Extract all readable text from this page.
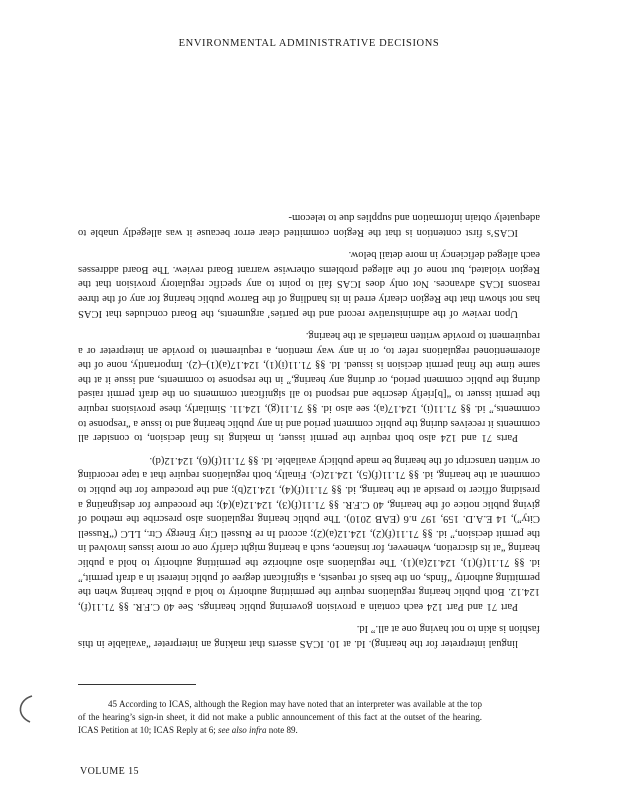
ENVIRONMENTAL ADMINISTRATIVE DECISIONS

lingual interpreter for the hearing). Id. at 10. ICAS asserts that making an interpreter “available in this fashion is akin to not having one at all.” Id.

Part 71 and Part 124 each contain a provision governing public hearings. See 40 C.F.R. §§ 71.11(f), 124.12. Both public hearing regulations require the permitting authority to hold a public hearing when the permitting authority “finds, on the basis of requests, a significant degree of public interest in a draft permit,” id. §§ 71.11(f)(1), 124.12(a)(1). The regulations also authorize the permitting authority to hold a public hearing “at its discretion, whenever, for instance, such a hearing might clarify one or more issues involved in the permit decision,” id. §§ 71.11(f)(2), 124.12(a)(2); accord In re Russell City Energy Ctr., LLC (“Russell City”), 14 E.A.D. 159, 197 n.6 (EAB 2010). The public hearing regulations also prescribe the method of giving public notice of the hearing, 40 C.F.R. §§ 71.11(f)(3), 124.12(a)(4); the procedure for designating a presiding officer to preside at the hearing, id. §§ 71.11(f)(4), 124.12(b); and the procedure for the public to comment at the hearing, id. §§ 71.11(f)(5), 124.12(c). Finally, both regulations require that a tape recording or written transcript of the hearing be made publicly available. Id. §§ 71.11(f)(6), 124.12(d).

Parts 71 and 124 also both require the permit issuer, in making its final decision, to consider all comments it receives during the public comment period and in any public hearing and to issue a “response to comments,” id. §§ 71.11(i), 124.17(a); see also id. §§ 71.11(g), 124.11. Similarly, these provisions require the permit issuer to “[b]riefly describe and respond to all significant comments on the draft permit raised during the public comment period, or during any hearing,” in the response to comments, and issue it at the same time the final permit decision is issued. Id. §§ 71.11(i)(1), 124.17(a)(1)–(2). Importantly, none of the aforementioned regulations refer to, or in any way mention, a requirement to provide an interpreter or a requirement to provide written materials at the hearing.

Upon review of the administrative record and the parties’ arguments, the Board concludes that ICAS has not shown that the Region clearly erred in its handling of the Barrow public hearing for any of the three reasons ICAS advances. Not only does ICAS fail to point to any specific regulatory provision that the Region violated, but none of the alleged problems otherwise warrant Board review. The Board addresses each alleged deficiency in more detail below.

ICAS’s first contention is that the Region committed clear error because it was allegedly unable to adequately obtain information and supplies due to telecom-

45 According to ICAS, although the Region may have noted that an interpreter was available at the top of the hearing’s sign-in sheet, it did not make a public announcement of this fact at the outset of the hearing. ICAS Petition at 10; ICAS Reply at 6; see also infra note 89.
VOLUME 15
